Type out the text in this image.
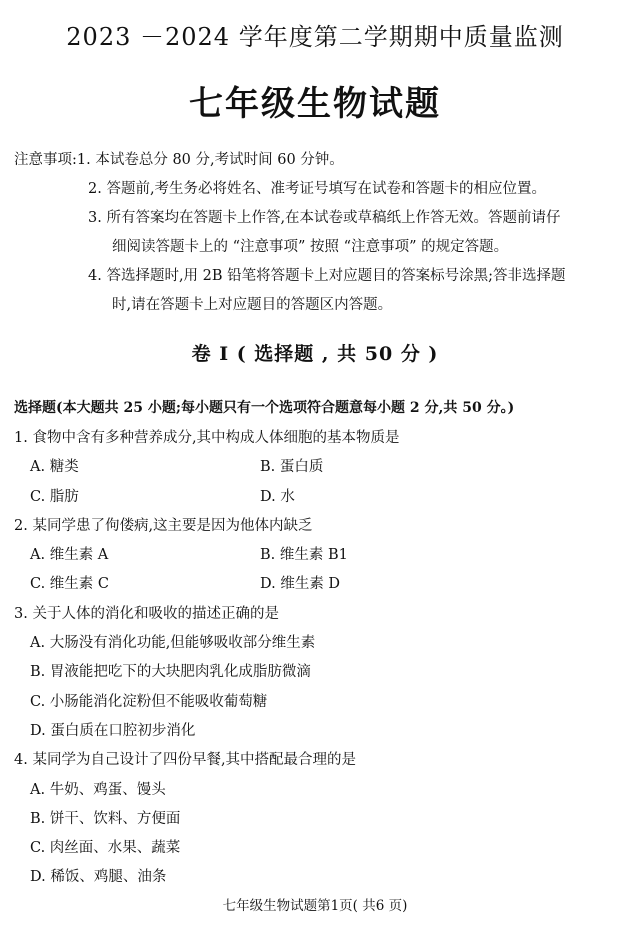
2023 －2024 学年度第二学期期中质量监测
七年级生物试题
注意事项:1. 本试卷总分 80 分,考试时间 60 分钟。
2. 答题前,考生务必将姓名、准考证号填写在试卷和答题卡的相应位置。
3. 所有答案均在答题卡上作答,在本试卷或草稿纸上作答无效。答题前请仔
细阅读答题卡上的 “注意事项” 按照 “注意事项” 的规定答题。
4. 答选择题时,用 2B 铅笔将答题卡上对应题目的答案标号涂黑;答非选择题
时,请在答题卡上对应题目的答题区内答题。
卷 Ⅰ ( 选择题 , 共 50 分 )
选择题(本大题共 25 小题;每小题只有一个选项符合题意每小题 2 分,共 50 分。)
1. 食物中含有多种营养成分,其中构成人体细胞的基本物质是
A. 糖类	B. 蛋白质
C. 脂肪	D. 水
2. 某同学患了佝偻病,这主要是因为他体内缺乏
A. 维生素 A	B. 维生素 B1
C. 维生素 C	D. 维生素 D
3. 关于人体的消化和吸收的描述正确的是
A. 大肠没有消化功能,但能够吸收部分维生素
B. 胃液能把吃下的大块肥肉乳化成脂肪微滴
C. 小肠能消化淀粉但不能吸收葡萄糖
D. 蛋白质在口腔初步消化
4. 某同学为自己设计了四份早餐,其中搭配最合理的是
A. 牛奶、鸡蛋、馒头
B. 饼干、饮料、方便面
C. 肉丝面、水果、蔬菜
D. 稀饭、鸡腿、油条
七年级生物试题第1页( 共6 页)
